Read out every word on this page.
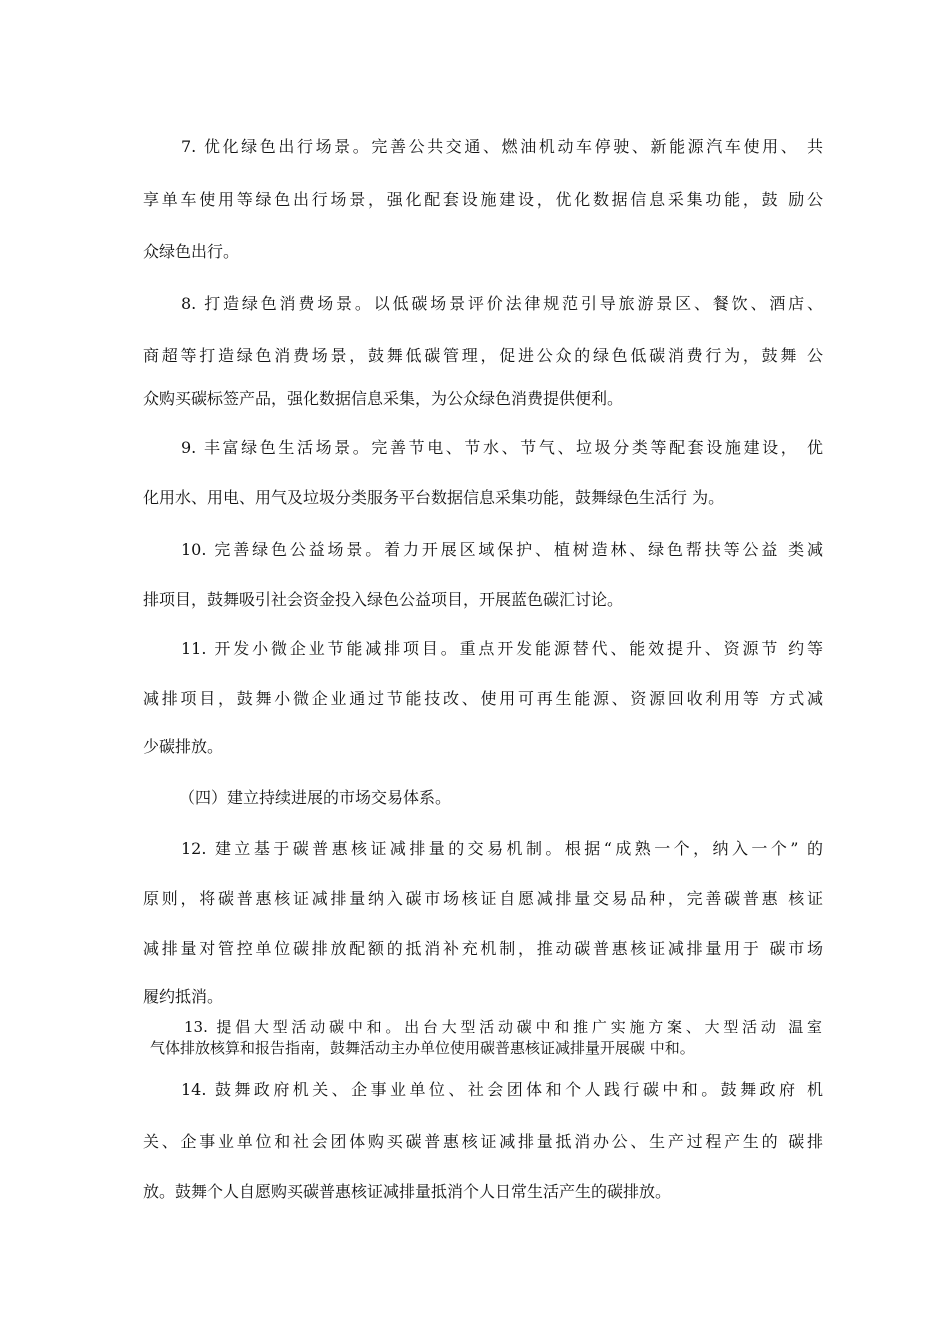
7. 优化绿色出行场景。完善公共交通、燃油机动车停驶、新能源汽车使用、 共
享单车使用等绿色出行场景，强化配套设施建设，优化数据信息采集功能，鼓 励公
众绿色出行。
8. 打造绿色消费场景。以低碳场景评价法律规范引导旅游景区、餐饮、酒店、
商超等打造绿色消费场景，鼓舞低碳管理，促进公众的绿色低碳消费行为，鼓舞 公
众购买碳标签产品，强化数据信息采集，为公众绿色消费提供便利。
9. 丰富绿色生活场景。完善节电、节水、节气、垃圾分类等配套设施建设， 优
化用水、用电、用气及垃圾分类服务平台数据信息采集功能，鼓舞绿色生活行 为。
10. 完善绿色公益场景。着力开展区域保护、植树造林、绿色帮扶等公益 类减
排项目，鼓舞吸引社会资金投入绿色公益项目，开展蓝色碳汇讨论。
11. 开发小微企业节能减排项目。重点开发能源替代、能效提升、资源节 约等
减排项目，鼓舞小微企业通过节能技改、使用可再生能源、资源回收利用等 方式减
少碳排放。
（四）建立持续进展的市场交易体系。
12. 建立基于碳普惠核证减排量的交易机制。根据“成熟一个，纳入一个” 的
原则，将碳普惠核证减排量纳入碳市场核证自愿减排量交易品种，完善碳普惠 核证
减排量对管控单位碳排放配额的抵消补充机制，推动碳普惠核证减排量用于 碳市场
履约抵消。
13. 提倡大型活动碳中和。出台大型活动碳中和推广实施方案、大型活动 温室
气体排放核算和报告指南，鼓舞活动主办单位使用碳普惠核证减排量开展碳 中和。
14. 鼓舞政府机关、企事业单位、社会团体和个人践行碳中和。鼓舞政府 机
关、企事业单位和社会团体购买碳普惠核证减排量抵消办公、生产过程产生的 碳排
放。鼓舞个人自愿购买碳普惠核证减排量抵消个人日常生活产生的碳排放。
